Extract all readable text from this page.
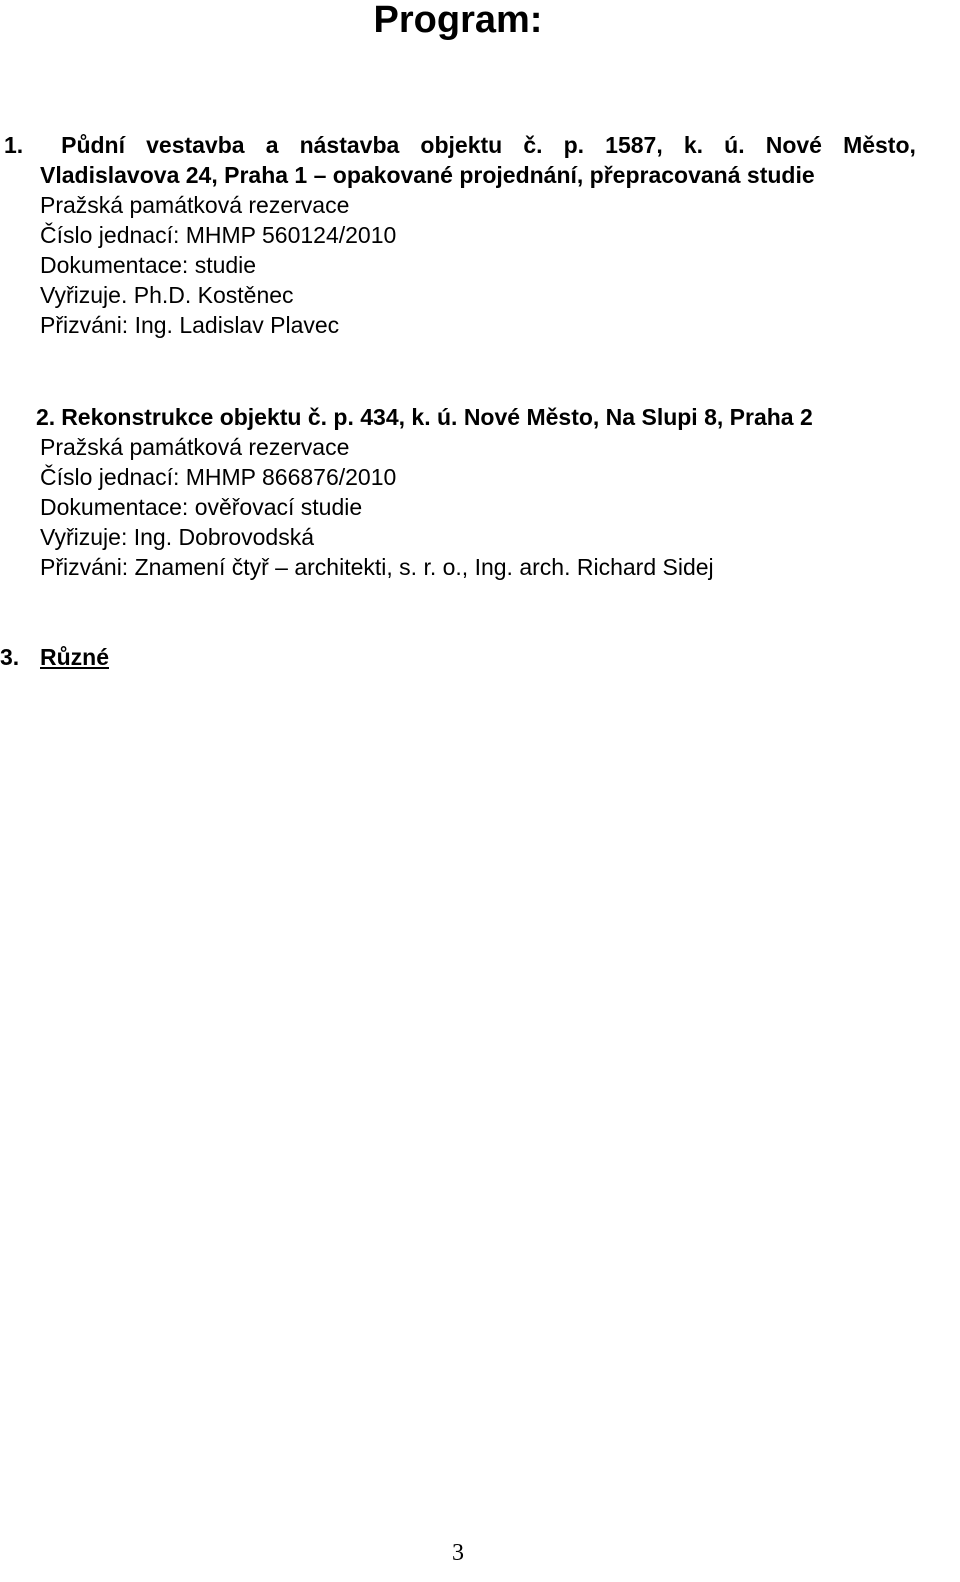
Program:
1.	Půdní vestavba a nástavba objektu č. p. 1587, k. ú. Nové Město,
Vladislavova 24, Praha 1 – opakované projednání, přepracovaná studie
Pražská památková rezervace
Číslo jednací: MHMP 560124/2010
Dokumentace: studie
Vyřizuje. Ph.D. Kostěnec
Přizváni: Ing. Ladislav Plavec
2. Rekonstrukce objektu č. p. 434, k. ú. Nové Město, Na Slupi 8, Praha 2
Pražská památková rezervace
Číslo jednací: MHMP 866876/2010
Dokumentace: ověřovací studie
Vyřizuje: Ing. Dobrovodská
Přizváni: Znamení čtyř – architekti, s. r. o., Ing. arch. Richard Sidej
3. Různé
3
